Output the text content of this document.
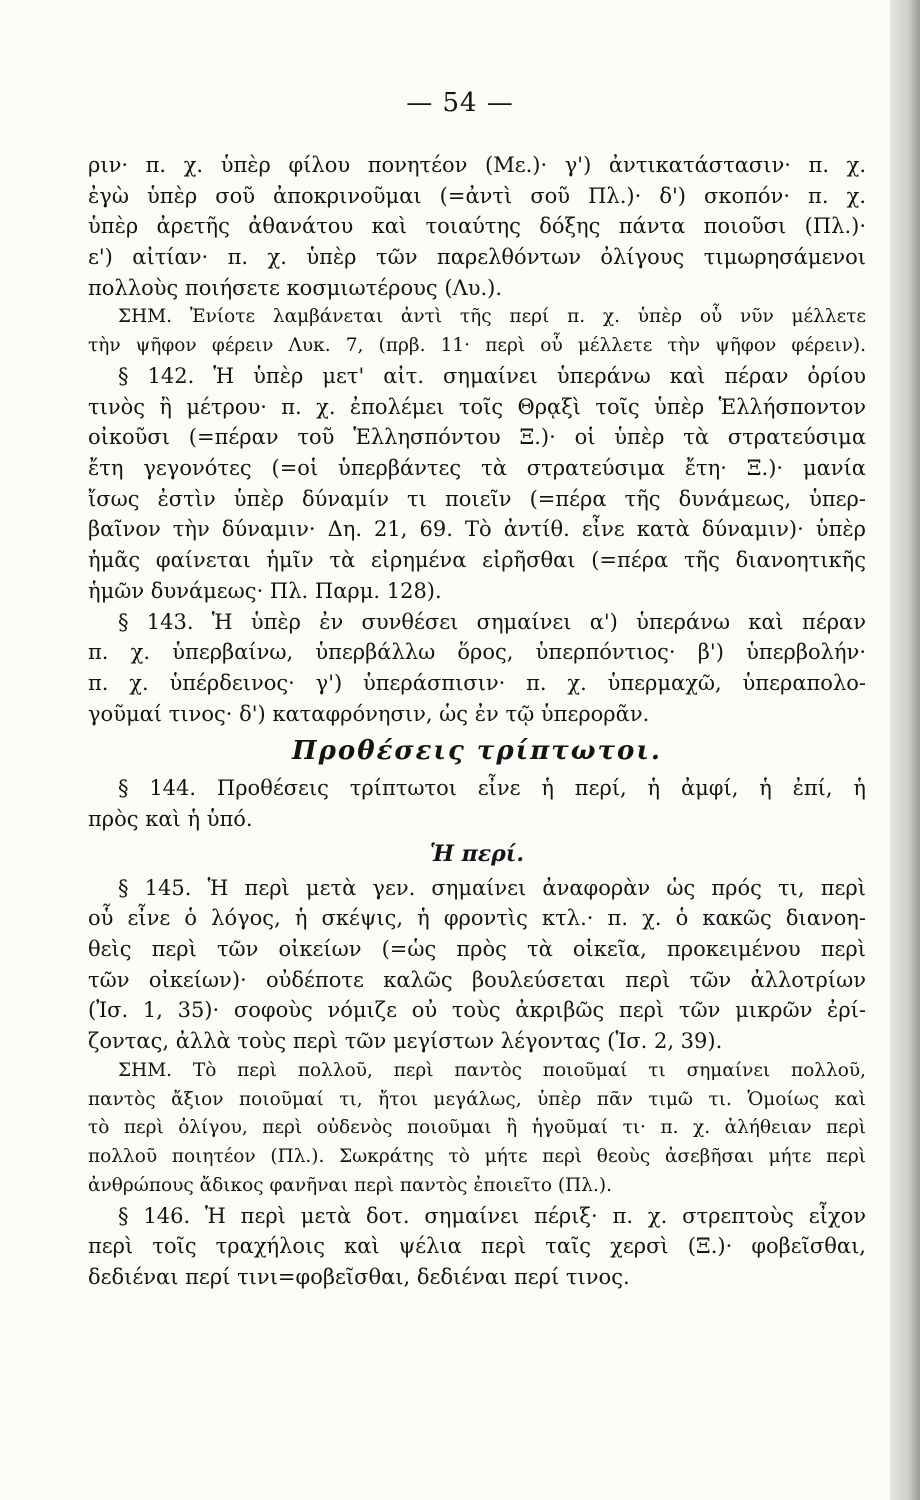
— 54 —
ριν· π. χ. ὑπὲρ φίλου πονητέον (Με.)· γ') ἀντικατάστασιν· π. χ.
ἐγὼ ὑπὲρ σοῦ ἀποκρινοῦμαι (=ἀντὶ σοῦ Πλ.)· δ') σκοπόν· π. χ.
ὑπὲρ ἀρετῆς ἀθανάτου καὶ τοιαύτης δόξης πάντα ποιοῦσι (Πλ.)·
ε') αἰτίαν· π. χ. ὑπὲρ τῶν παρελθόντων ὀλίγους τιμωρησάμενοι
πολλοὺς ποιήσετε κοσμιωτέρους (Λυ.).
ΣΗΜ. Ἐνίοτε λαμβάνεται ἀντὶ τῆς περί π. χ. ὑπὲρ οὗ νῦν μέλλετε
τὴν ψῆφον φέρειν Λυκ. 7, (πρβ. 11· περὶ οὗ μέλλετε τὴν ψῆφον φέρειν).
§ 142. Ἡ ὑπὲρ μετ' αἰτ. σημαίνει ὑπεράνω καὶ πέραν ὁρίου
τινὸς ἢ μέτρου· π. χ. ἐπολέμει τοῖς Θρᾳξὶ τοῖς ὑπὲρ Ἑλλήσποντον
οἰκοῦσι (=πέραν τοῦ Ἑλλησπόντου Ξ.)· οἱ ὑπὲρ τὰ στρατεύσιμα
ἔτη γεγονότες (=οἱ ὑπερβάντες τὰ στρατεύσιμα ἔτη· Ξ.)· μανία
ἴσως ἐστὶν ὑπὲρ δύναμίν τι ποιεῖν (=πέρα τῆς δυνάμεως, ὑπερ-
βαῖνον τὴν δύναμιν· Δη. 21, 69. Τὸ ἀντίθ. εἶνε κατὰ δύναμιν)· ὑπὲρ
ἡμᾶς φαίνεται ἡμῖν τὰ εἰρημένα εἰρῆσθαι (=πέρα τῆς διανοητικῆς
ἡμῶν δυνάμεως· Πλ. Παρμ. 128).
§ 143. Ἡ ὑπὲρ ἐν συνθέσει σημαίνει α') ὑπεράνω καὶ πέραν
π. χ. ὑπερβαίνω, ὑπερβάλλω ὅρος, ὑπερπόντιος· β') ὑπερβολήν·
π. χ. ὑπέρδεινος· γ') ὑπεράσπισιν· π. χ. ὑπερμαχῶ, ὑπεραπολο-
γοῦμαί τινος· δ') καταφρόνησιν, ὡς ἐν τῷ ὑπερορᾶν.
Προθέσεις τρίπτωτοι.
§ 144. Προθέσεις τρίπτωτοι εἶνε ἡ περί, ἡ ἀμφί, ἡ ἐπί, ἡ
πρὸς καὶ ἡ ὑπό.
Ἡ περί.
§ 145. Ἡ περὶ μετὰ γεν. σημαίνει ἀναφορὰν ὡς πρός τι, περὶ
οὗ εἶνε ὁ λόγος, ἡ σκέψις, ἡ φροντὶς κτλ.· π. χ. ὁ κακῶς διανοη-
θεὶς περὶ τῶν οἰκείων (=ὡς πρὸς τὰ οἰκεῖα, προκειμένου περὶ
τῶν οἰκείων)· οὐδέποτε καλῶς βουλεύσεται περὶ τῶν ἀλλοτρίων
(Ἰσ. 1, 35)· σοφοὺς νόμιζε οὐ τοὺς ἀκριβῶς περὶ τῶν μικρῶν ἐρί-
ζοντας, ἀλλὰ τοὺς περὶ τῶν μεγίστων λέγοντας (Ἰσ. 2, 39).
ΣΗΜ. Τὸ περὶ πολλοῦ, περὶ παντὸς ποιοῦμαί τι σημαίνει πολλοῦ,
παντὸς ἄξιον ποιοῦμαί τι, ἤτοι μεγάλως, ὑπὲρ πᾶν τιμῶ τι. Ὁμοίως καὶ
τὸ περὶ ὀλίγου, περὶ οὐδενὸς ποιοῦμαι ἢ ἡγοῦμαί τι· π. χ. ἀλήθειαν περὶ
πολλοῦ ποιητέον (Πλ.). Σωκράτης τὸ μήτε περὶ θεοὺς ἀσεβῆσαι μήτε περὶ
ἀνθρώπους ἄδικος φανῆναι περὶ παντὸς ἐποιεῖτο (Πλ.).
§ 146. Ἡ περὶ μετὰ δοτ. σημαίνει πέριξ· π. χ. στρεπτοὺς εἶχον
περὶ τοῖς τραχήλοις καὶ ψέλια περὶ ταῖς χερσὶ (Ξ.)· φοβεῖσθαι,
δεδιέναι περί τινι=φοβεῖσθαι, δεδιέναι περί τινος.
